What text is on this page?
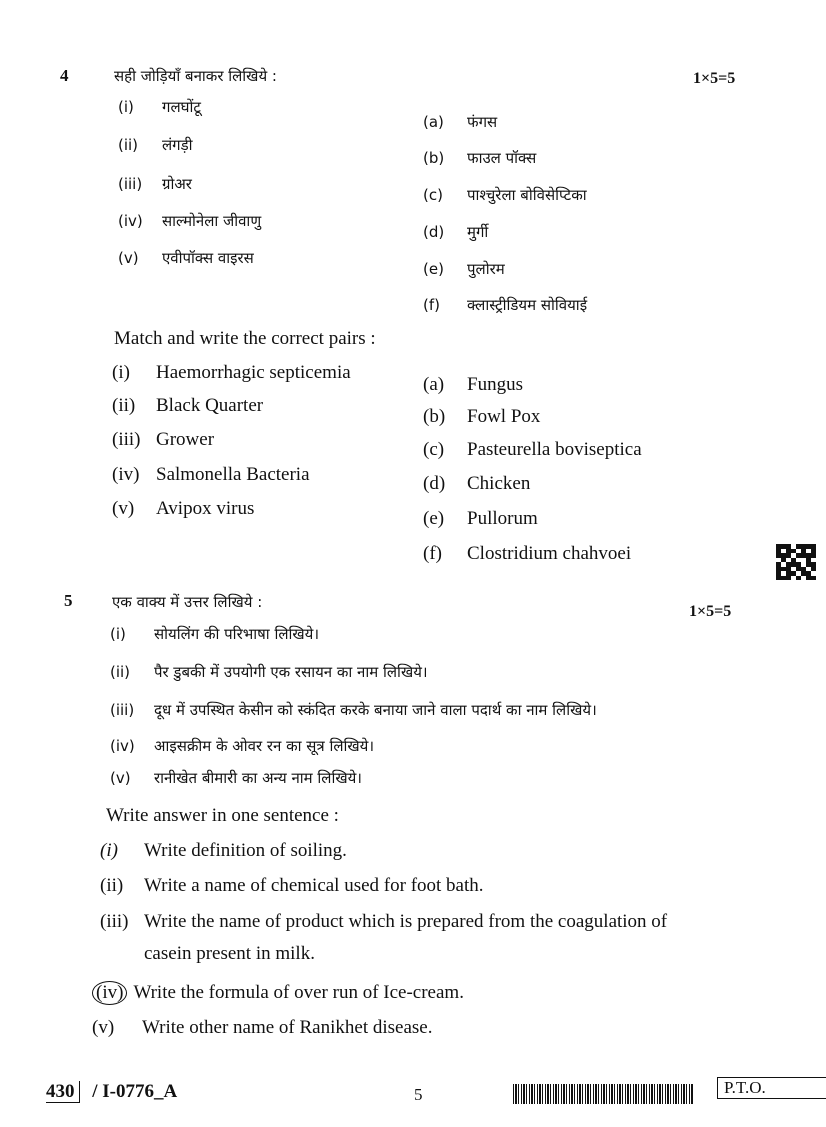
4	सही जोड़ियाँ बनाकर लिखिये :	1×5=5
(i) गलघोंटू
(ii) लंगड़ी
(iii) ग्रोअर
(iv) साल्मोनेला जीवाणु
(v) एवीपॉक्स वाइरस
(a) फंगस
(b) फाउल पॉक्स
(c) पाश्चुरेला बोविसेप्टिका
(d) मुर्गी
(e) पुलोरम
(f) क्लास्ट्रीडियम सोवियाई
Match and write the correct pairs :
(i) Haemorrhagic septicemia
(ii) Black Quarter
(iii) Grower
(iv) Salmonella Bacteria
(v) Avipox virus
(a) Fungus
(b) Fowl Pox
(c) Pasteurella boviseptica
(d) Chicken
(e) Pullorum
(f) Clostridium chahvoei
5	एक वाक्य में उत्तर लिखिये :
1×5=5
(i) सोयलिंग की परिभाषा लिखिये।
(ii) पैर डुबकी में उपयोगी एक रसायन का नाम लिखिये।
(iii) दूध में उपस्थित केसीन को स्कंदित करके बनाया जाने वाला पदार्थ का नाम लिखिये।
(iv) आइसक्रीम के ओवर रन का सूत्र लिखिये।
(v) रानीखेत बीमारी का अन्य नाम लिखिये।
Write answer in one sentence :
(i) Write definition of soiling.
(ii) Write a name of chemical used for foot bath.
(iii) Write the name of product which is prepared from the coagulation of
casein present in milk.
(iv) Write the formula of over run of Ice-cream.
(v) Write other name of Ranikhet disease.
430 / I-0776_A	5	P.T.O.
